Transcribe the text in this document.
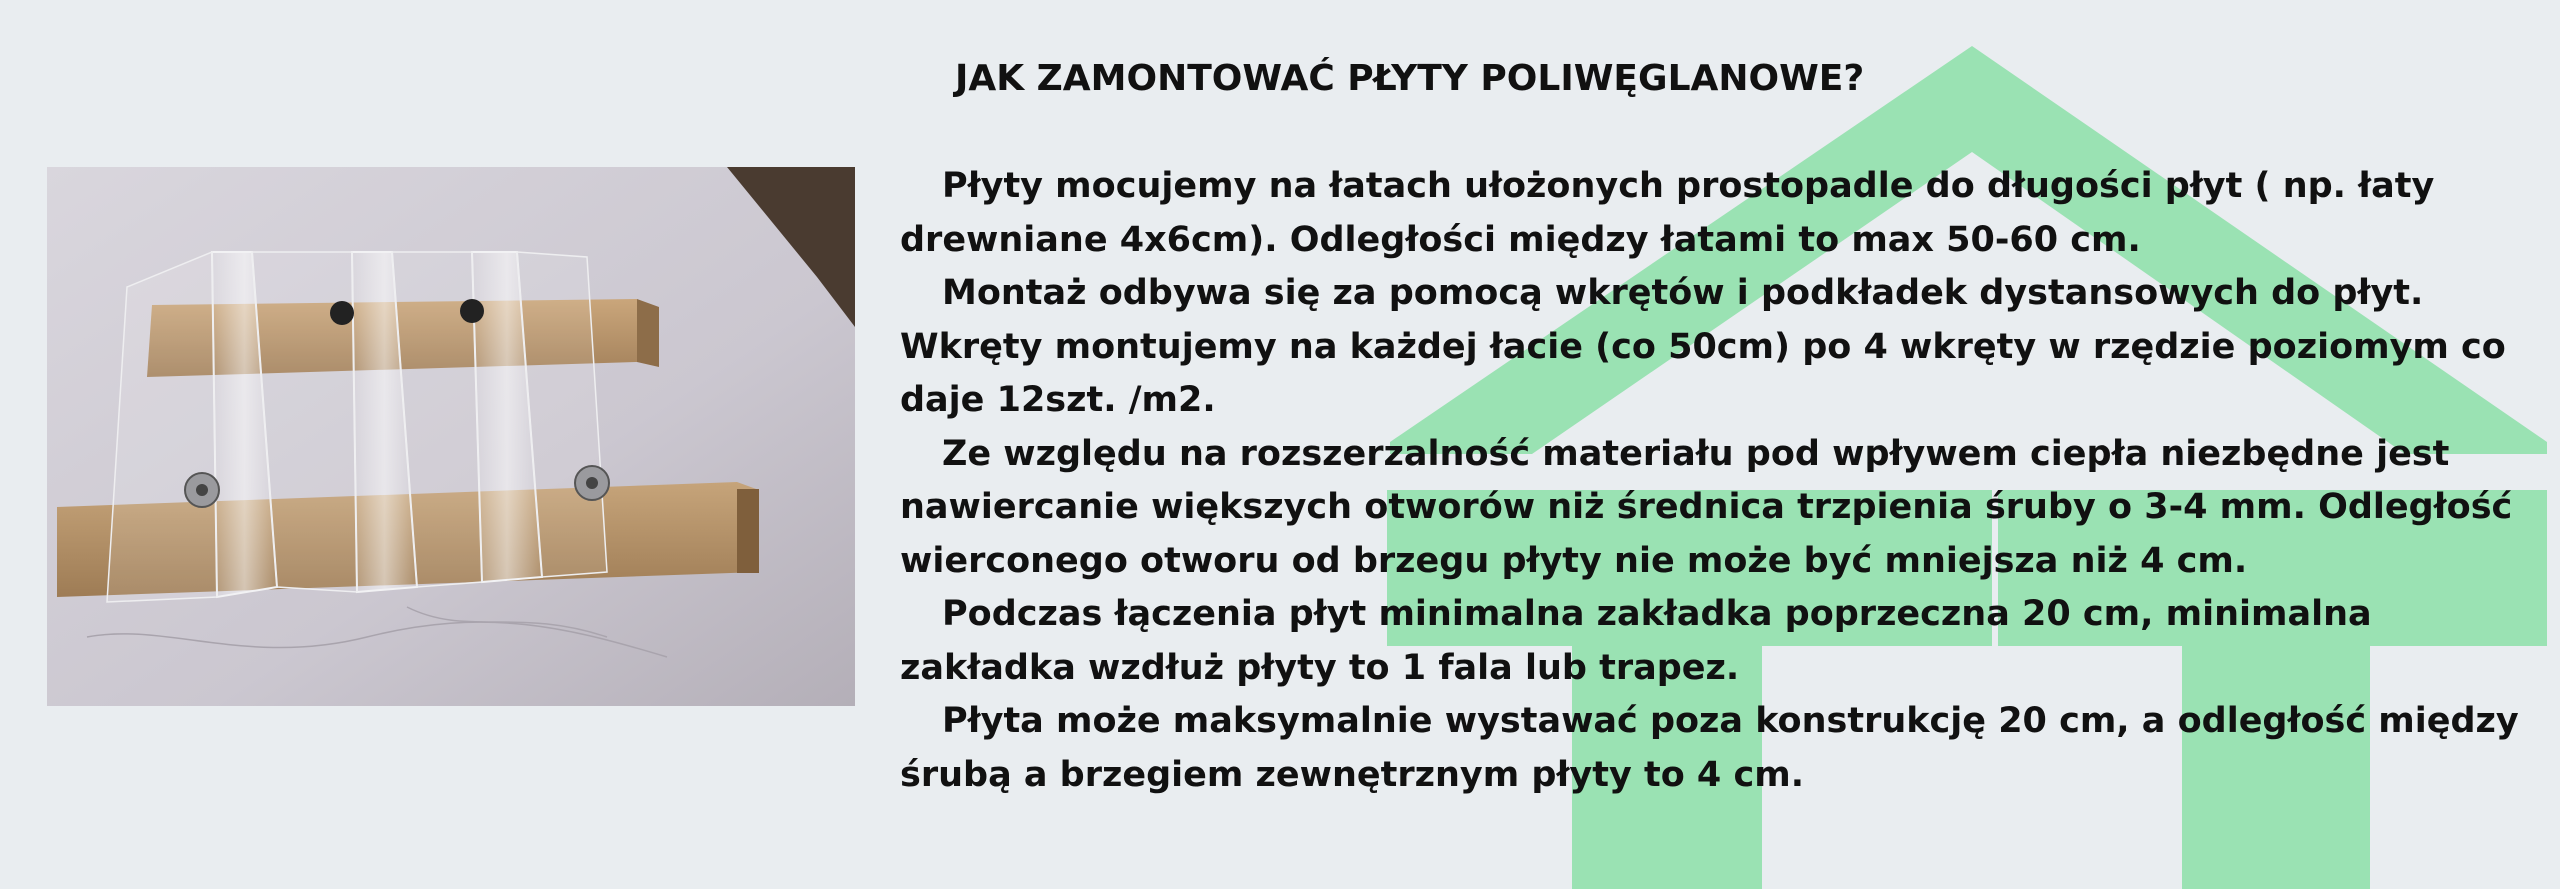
JAK ZAMONTOWAĆ PŁYTY POLIWĘGLANOWE?

Płyty mocujemy na łatach ułożonych prostopadle do długości płyt ( np. łaty drewniane 4x6cm). Odległości między łatami to max 50-60 cm.

Montaż odbywa się za pomocą wkrętów i podkładek dystansowych do płyt. Wkręty montujemy na każdej łacie (co 50cm) po 4 wkręty w rzędzie poziomym co daje 12szt. /m2.

Ze względu na rozszerzalność materiału pod wpływem ciepła niezbędne jest nawiercanie większych otworów niż średnica trzpienia śruby o 3-4 mm. Odległość wierconego otworu od brzegu płyty nie może być mniejsza niż 4 cm.

Podczas łączenia płyt minimalna zakładka poprzeczna 20 cm, minimalna zakładka wzdłuż płyty to 1 fala lub trapez.

Płyta może maksymalnie wystawać poza konstrukcję 20 cm, a odległość między śrubą a brzegiem zewnętrznym płyty to 4 cm.
